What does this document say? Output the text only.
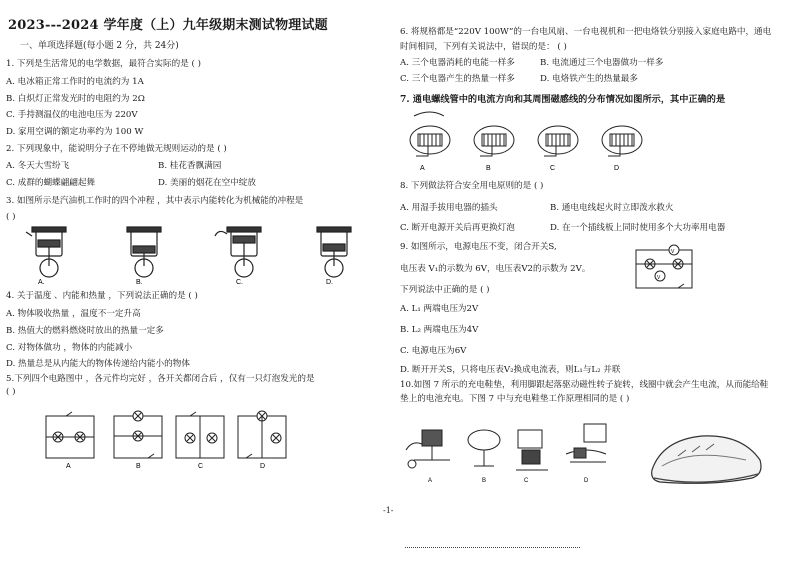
2023---2024 学年度（上）九年级期末测试物理试题
一、单项选择题(每小题 2 分，共 24分)
1. 下列是生活常见的电学数据，最符合实际的是 ( )
A. 电冰箱正常工作时的电流约为 1A
B. 白炽灯正常发光时的电阻约为 2Ω
C. 手持测温仪的电池电压为 220V
D. 家用空调的额定功率约为 100 W
2. 下列现象中，能说明分子在不停地做无规则运动的是 ( )
A. 冬天大雪纷飞	B. 桂花香飘满园
C. 成群的蝴蝶翩翩起舞	D. 美丽的烟花在空中绽放
3. 如图所示是汽油机工作时的四个冲程 ，其中表示内能转化为机械能的冲程是
( )
A.	B.	C.	D.
4. 关于温度 、内能和热量 ，下列说法正确的是 ( )
A. 物体吸收热量 ，温度不一定升高
B. 热值大的燃料燃烧时放出的热量一定多
C. 对物体做功 ，物体的内能减小
D. 热量总是从内能大的物体传递给内能小的物体
5.下列四个电路图中 ，各元件均完好 ，各开关都闭合后 ，仅有一只灯泡发光的是
( )
A	B	C	D
6. 将规格都是“220V 100W”的一台电风扇、一台电视机和一把电烙铁分别接入家庭电路中，通电
时间相同，下列有关说法中，错误的是： ( )
A. 三个电器消耗的电能一样多	B. 电流通过三个电器做功一样多
C. 三个电器产生的热量一样多	D. 电烙铁产生的热量最多
7. 通电螺线管中的电流方向和其周围磁感线的分布情况如图所示，其中正确的是
A	B	C	D
8. 下列做法符合安全用电原则的是 ( )
A. 用湿手拔用电器的插头	B. 通电电线起火时立即泼水救火
C. 断开电源开关后再更换灯泡	D. 在一个插线板上同时使用多个大功率用电器
9. 如图所示，电源电压不变，闭合开关S,
电压表 V₁的示数为 6V，电压表V2的示数为 2V。
下列说法中正确的是 ( )
V
V
A. L₁ 两端电压为2V
B. L₂ 两端电压为4V
C. 电源电压为6V
D. 断开开关S，只将电压表V₂换成电流表，则L₁与L₂ 并联
10.如图 7 所示的充电鞋垫，利用脚跟起落驱动磁性转子旋转，线圈中就会产生电流，从而能给鞋
垫上的电池充电。下图 7 中与充电鞋垫工作原理相同的是 ( )
A	B	C	D
-1-
